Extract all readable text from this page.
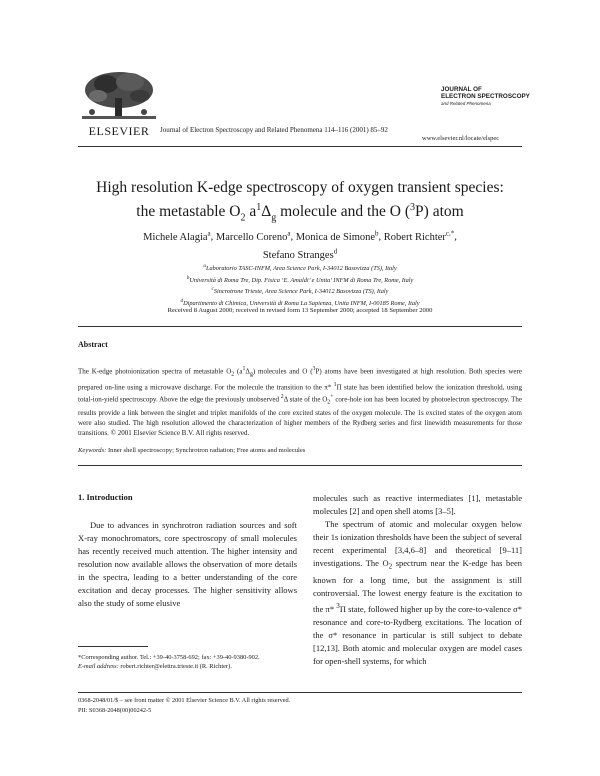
ELSEVIER	Journal of Electron Spectroscopy and Related Phenomena 114–116 (2001) 85–92
JOURNAL OF
ELECTRON SPECTROSCOPY
and Related Phenomena
www.elsevier.nl/locate/elspec
High resolution K-edge spectroscopy of oxygen transient species:
the metastable $O_2$ $a^1\Delta_g$ molecule and the O ($^3$P) atom
Michele Alagia$^a$, Marcello Coreno$^a$, Monica de Simone$^b$, Robert Richter$^{c,*}$,
Stefano Stranges$^d$
$^a$Laboratorio TASC-INFM, Area Science Park, I-34012 Basovizza (TS), Italy
$^b$Università di Roma Tre, Dip. Fisica ‘E. Amaldi’ e Unita’ INFM di Roma Tre, Rome, Italy
$^c$Sincrotrone Trieste, Area Science Park, I-34012 Basovizza (TS), Italy
$^d$Dipartimento di Chimica, Università di Roma La Sapienza, Unita INFM, I-00185 Rome, Italy
Received 8 August 2000; received in revised form 13 September 2000; accepted 18 September 2000
Abstract
The K-edge photoionization spectra of metastable $O_2$ $(a^1\Delta_g)$ molecules and O ($^3$P) atoms have been investigated at high resolution. Both species were prepared on-line using a microwave discharge. For the molecule the transition to the π* $^1$Π state has been identified below the ionization threshold, using total-ion-yield spectroscopy. Above the edge the previously unobserved $^2$Δ state of the $O_2^+$ core-hole ion has been located by photoelectron spectroscopy. The results provide a link between the singlet and triplet manifolds of the core excited states of the oxygen molecule. The 1s excited states of the oxygen atom were also studied. The high resolution allowed the characterization of higher members of the Rydberg series and first linewidth measurements for those transitions. © 2001 Elsevier Science B.V. All rights reserved.
Keywords: Inner shell spectroscopy; Synchrotron radiation; Free atoms and molecules
1. Introduction
Due to advances in synchrotron radiation sources and soft X-ray monochromators, core spectroscopy of small molecules has recently received much attention. The higher intensity and resolution now available allows the observation of more details in the spectra, leading to a better understanding of the core excitation and decay processes. The higher sensitivity allows also the study of some elusive

molecules such as reactive intermediates [1], metastable molecules [2] and open shell atoms [3–5].

The spectrum of atomic and molecular oxygen below their 1s ionization thresholds have been the subject of several recent experimental [3,4,6–8] and theoretical [9–11] investigations. The $O_2$ spectrum near the K-edge has been known for a long time, but the assignment is still controversial. The lowest energy feature is the excitation to the π* $^3$Π state, followed higher up by the core-to-valence σ* resonance and core-to-Rydberg excitations. The location of the σ* resonance in particular is still subject to debate [12,13]. Both atomic and molecular oxygen are model cases for open-shell systems, for which

*Corresponding author. Tel.: +39-40-3758-692; fax: +39-40-9380-902.
E-mail address: robert.richter@elettra.trieste.it (R. Richter).
0368-2048/01/$ – see front matter © 2001 Elsevier Science B.V. All rights reserved.
PII: S0368-2048(00)00242-5
